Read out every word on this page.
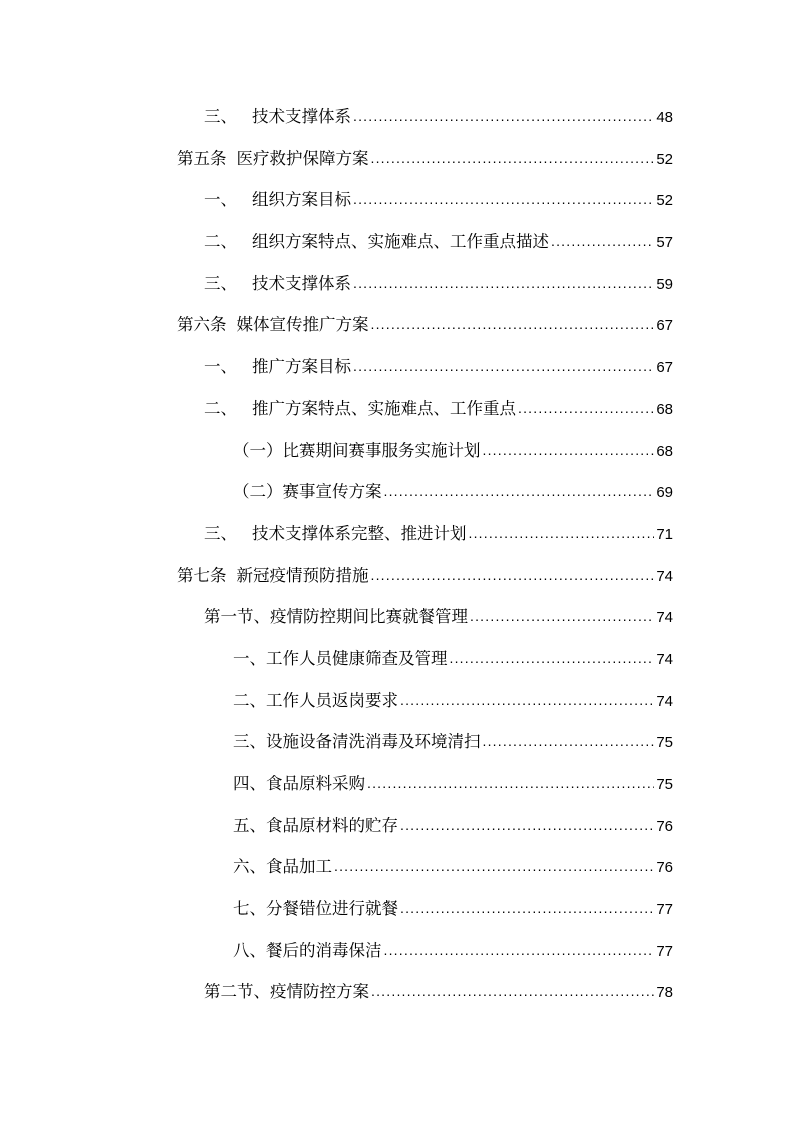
三、 技术支撑体系 .....	48
第五条 医疗救护保障方案 .....	52
一、 组织方案目标 .....	52
二、 组织方案特点、实施难点、工作重点描述 .....	57
三、 技术支撑体系 .....	59
第六条 媒体宣传推广方案 .....	67
一、 推广方案目标 .....	67
二、 推广方案特点、实施难点、工作重点 .....	68
（一） 比赛期间赛事服务实施计划 .....	68
（二） 赛事宣传方案 .....	69
三、 技术支撑体系完整、推进计划 .....	71
第七条 新冠疫情预防措施 .....	74
第一节、疫情防控期间比赛就餐管理 .....	74
一、工作人员健康筛查及管理 .....	74
二、工作人员返岗要求 .....	74
三、设施设备清洗消毒及环境清扫 .....	75
四、食品原料采购 .....	75
五、食品原材料的贮存 .....	76
六、食品加工 .....	76
七、分餐错位进行就餐 .....	77
八、餐后的消毒保洁 .....	77
第二节、疫情防控方案 .....	78
